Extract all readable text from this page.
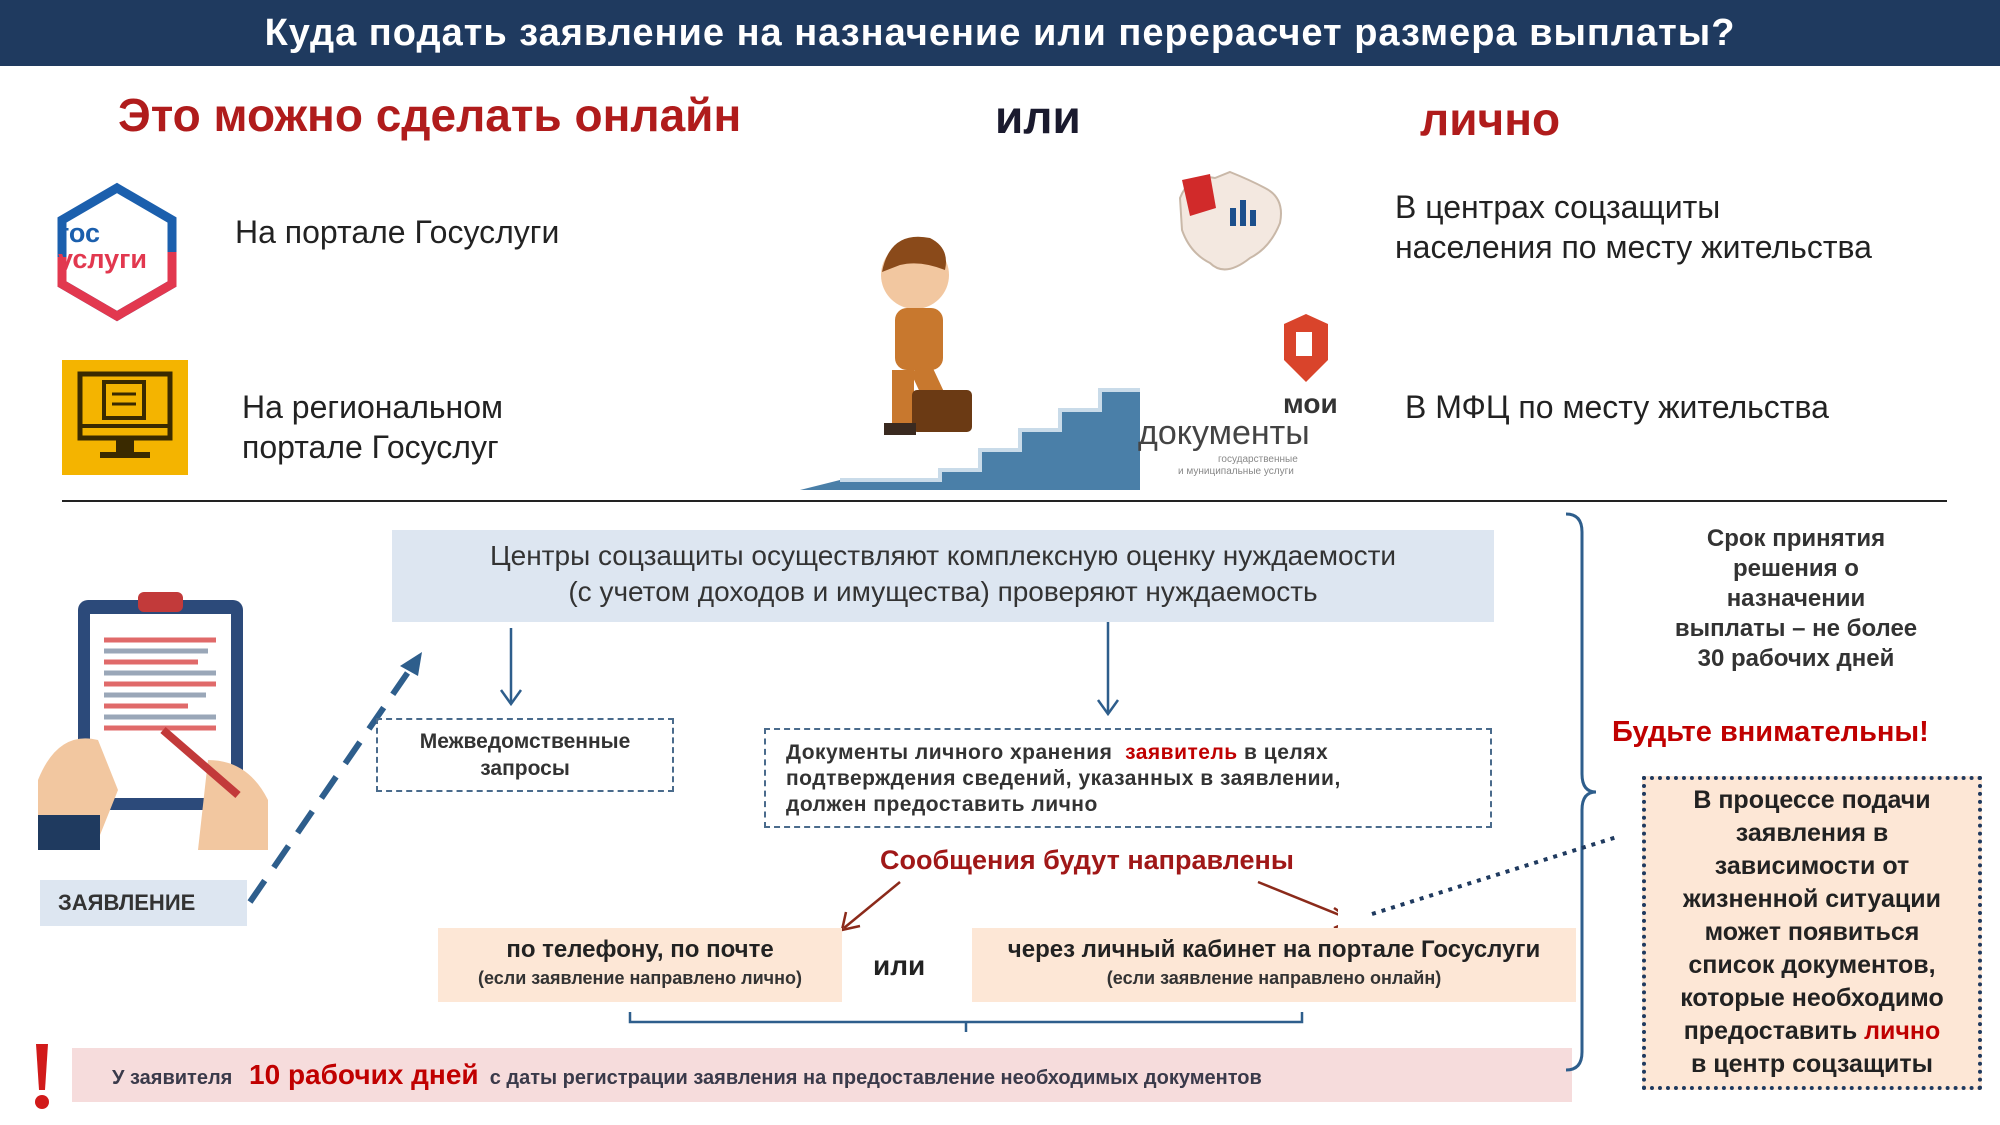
Куда подать заявление на назначение или перерасчет размера выплаты?
Это можно сделать онлайн	или	лично
гос
услуги
На портале Госуслуги
На региональном
портале Госуслуг
В центрах соцзащиты
населения по месту жительства
мои
документы
государственные
и муниципальные услуги
В МФЦ по месту жительства
ЗАЯВЛЕНИЕ
Центры соцзащиты осуществляют комплексную оценку нуждаемости
(с учетом доходов и имущества) проверяют нуждаемость
Межведомственные
запросы
Документы личного хранения заявитель в целях
подтверждения сведений, указанных в заявлении,
должен предоставить лично
Сообщения будут направлены
по телефону, по почте
(если заявление направлено лично)	или
через личный кабинет на портале Госуслуги
(если заявление направлено онлайн)
У заявителя 10 рабочих дней с даты регистрации заявления на предоставление необходимых документов
Срок принятия
решения о
назначении
выплаты – не более
30 рабочих дней
Будьте внимательны!
В процессе подачи
заявления в
зависимости от
жизненной ситуации
может появиться
список документов,
которые необходимо
предоставить лично
в центр соцзащиты
